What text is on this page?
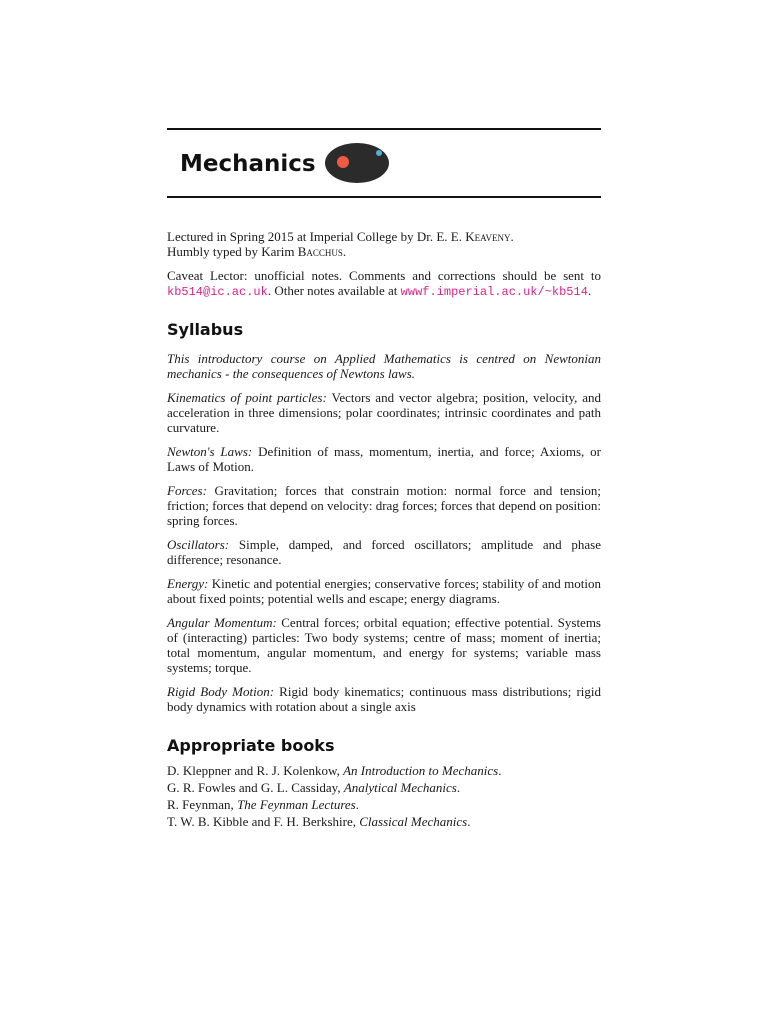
Mechanics

Lectured in Spring 2015 at Imperial College by Dr. E. E. Keaveny.
Humbly typed by Karim Bacchus.

Caveat Lector: unofficial notes. Comments and corrections should be sent to kb514@ic.ac.uk. Other notes available at wwwf.imperial.ac.uk/~kb514.

Syllabus

This introductory course on Applied Mathematics is centred on Newtonian mechanics - the consequences of Newtons laws.

Kinematics of point particles: Vectors and vector algebra; position, velocity, and acceleration in three dimensions; polar coordinates; intrinsic coordinates and path curvature.

Newton's Laws: Definition of mass, momentum, inertia, and force; Axioms, or Laws of Motion.

Forces: Gravitation; forces that constrain motion: normal force and tension; friction; forces that depend on velocity: drag forces; forces that depend on position: spring forces.

Oscillators: Simple, damped, and forced oscillators; amplitude and phase difference; resonance.

Energy: Kinetic and potential energies; conservative forces; stability of and motion about fixed points; potential wells and escape; energy diagrams.

Angular Momentum: Central forces; orbital equation; effective potential. Systems of (interacting) particles: Two body systems; centre of mass; moment of inertia; total momentum, angular momentum, and energy for systems; variable mass systems; torque.

Rigid Body Motion: Rigid body kinematics; continuous mass distributions; rigid body dynamics with rotation about a single axis

Appropriate books

D. Kleppner and R. J. Kolenkow, An Introduction to Mechanics.

G. R. Fowles and G. L. Cassiday, Analytical Mechanics.

R. Feynman, The Feynman Lectures.

T. W. B. Kibble and F. H. Berkshire, Classical Mechanics.
